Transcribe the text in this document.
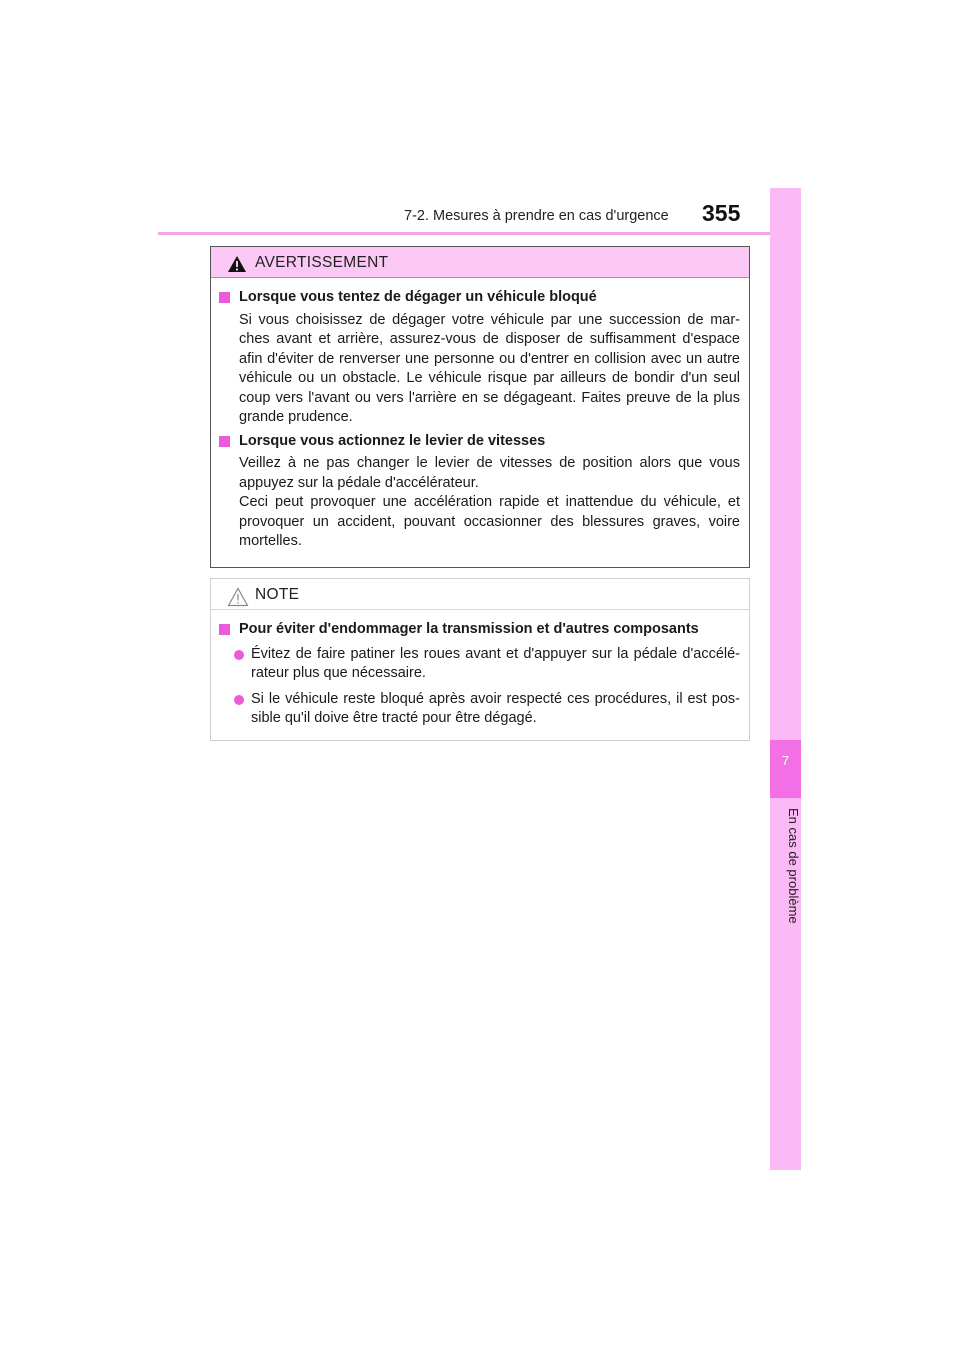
7-2. Mesures à prendre en cas d'urgence 355
7
En cas de problème
AVERTISSEMENT
Lorsque vous tentez de dégager un véhicule bloqué
Si vous choisissez de dégager votre véhicule par une succession de mar-ches avant et arrière, assurez-vous de disposer de suffisamment d'espace afin d'éviter de renverser une personne ou d'entrer en collision avec un autre véhicule ou un obstacle. Le véhicule risque par ailleurs de bondir d'un seul coup vers l'avant ou vers l'arrière en se dégageant. Faites preuve de la plus grande prudence.
Lorsque vous actionnez le levier de vitesses
Veillez à ne pas changer le levier de vitesses de position alors que vous appuyez sur la pédale d'accélérateur.
Ceci peut provoquer une accélération rapide et inattendue du véhicule, et provoquer un accident, pouvant occasionner des blessures graves, voire mortelles.
NOTE
Pour éviter d'endommager la transmission et d'autres composants
Évitez de faire patiner les roues avant et d'appuyer sur la pédale d'accélé-rateur plus que nécessaire.
Si le véhicule reste bloqué après avoir respecté ces procédures, il est pos-sible qu'il doive être tracté pour être dégagé.
